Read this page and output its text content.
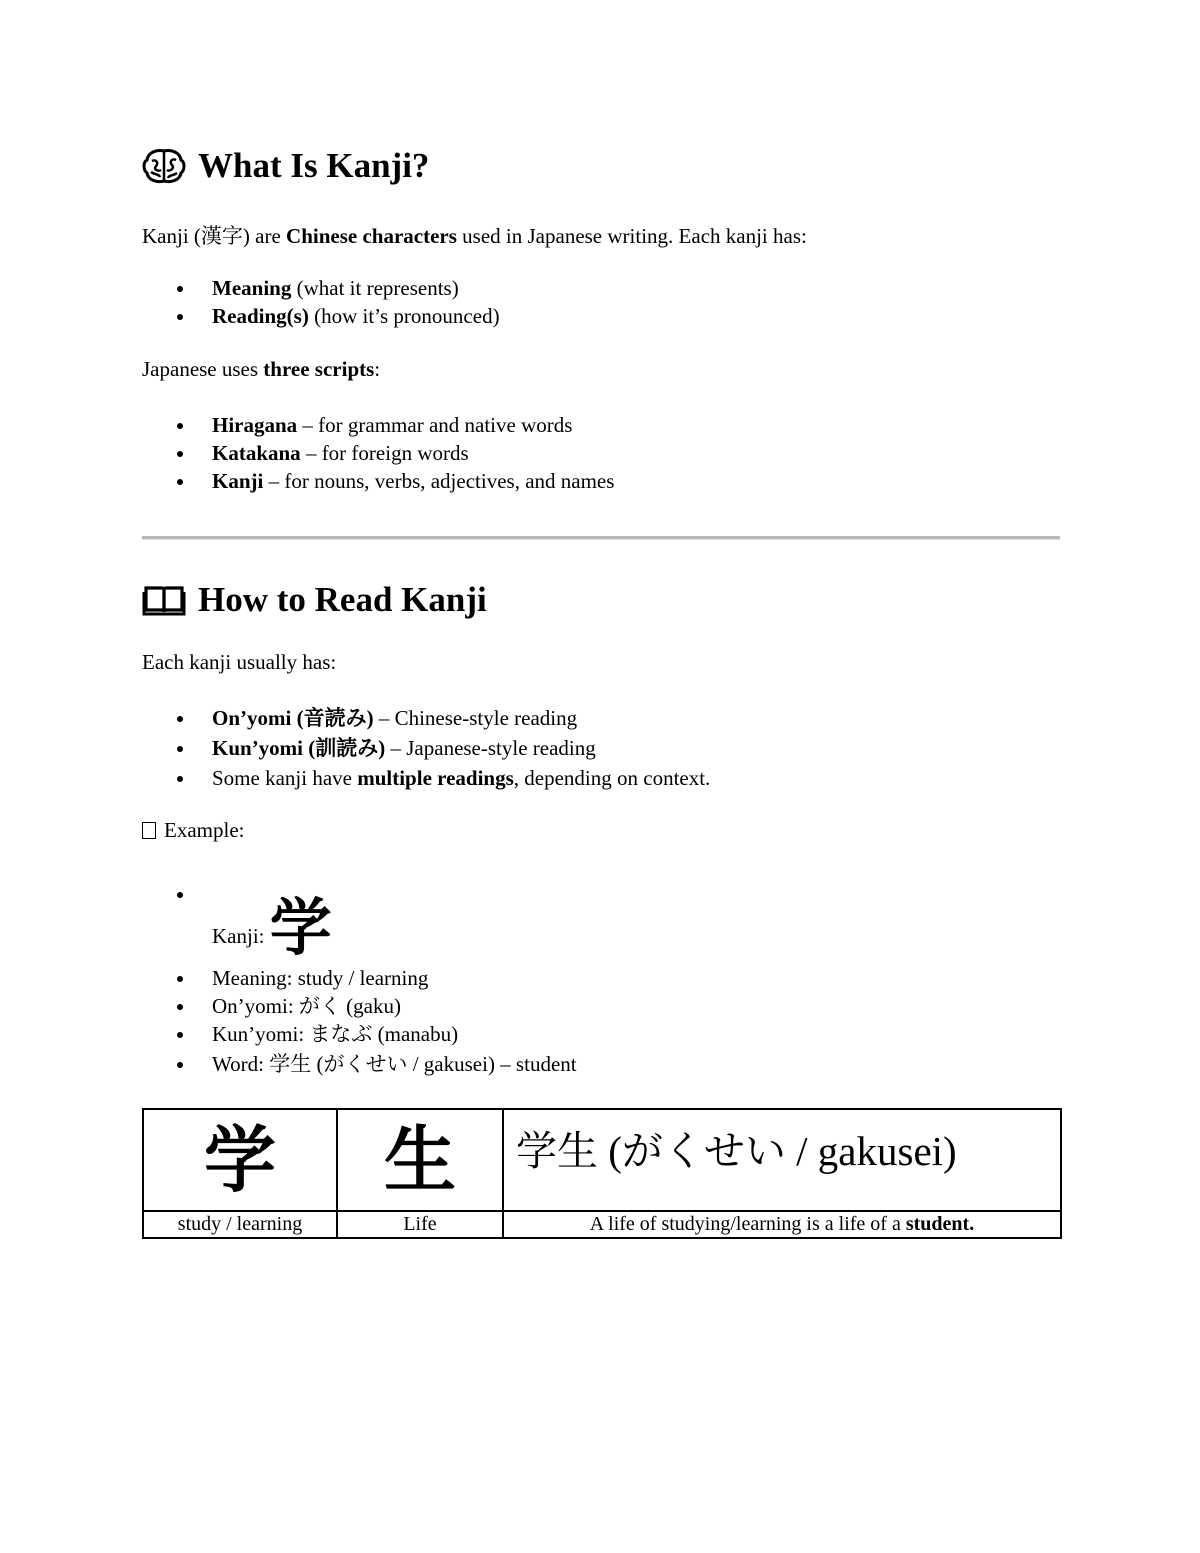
What Is Kanji?
Kanji (漢字) are Chinese characters used in Japanese writing. Each kanji has:
Meaning (what it represents)
Reading(s) (how it’s pronounced)
Japanese uses three scripts:
Hiragana – for grammar and native words
Katakana – for foreign words
Kanji – for nouns, verbs, adjectives, and names
How to Read Kanji
Each kanji usually has:
On’yomi (音読み) – Chinese-style reading
Kun’yomi (訓読み) – Japanese-style reading
Some kanji have multiple readings, depending on context.
Example:
Kanji: 学
Meaning: study / learning
On’yomi: がく (gaku)
Kun’yomi: まなぶ (manabu)
Word: 学生 (がくせい / gakusei) – student
学	生	学生 (がくせい / gakusei)
study / learning	Life	A life of studying/learning is a life of a student.
